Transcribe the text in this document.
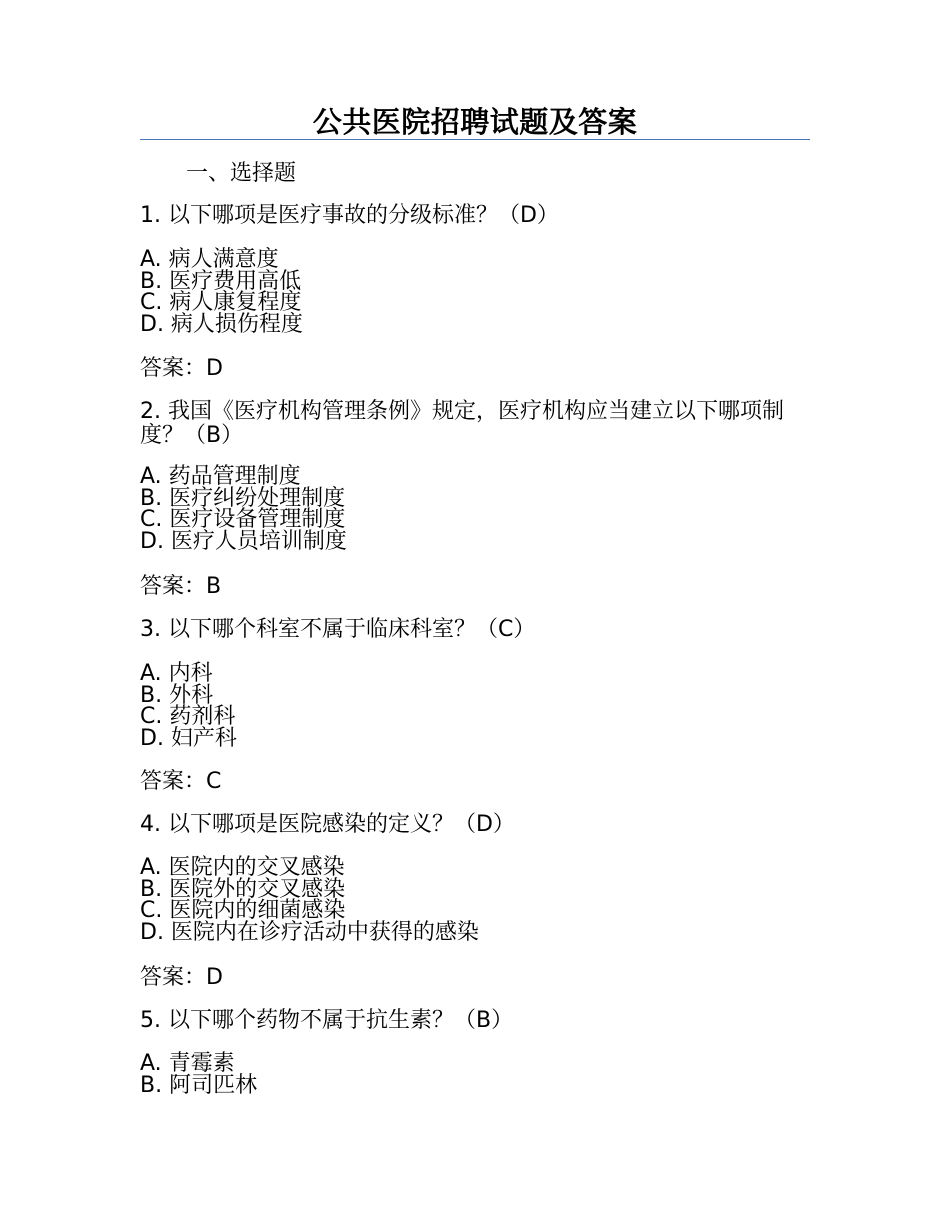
公共医院招聘试题及答案
一、选择题
1. 以下哪项是医疗事故的分级标准？（D）
A. 病人满意度
B. 医疗费用高低
C. 病人康复程度
D. 病人损伤程度
答案：D
2. 我国《医疗机构管理条例》规定，医疗机构应当建立以下哪项制度？（B）
A. 药品管理制度
B. 医疗纠纷处理制度
C. 医疗设备管理制度
D. 医疗人员培训制度
答案：B
3. 以下哪个科室不属于临床科室？（C）
A. 内科
B. 外科
C. 药剂科
D. 妇产科
答案：C
4. 以下哪项是医院感染的定义？（D）
A. 医院内的交叉感染
B. 医院外的交叉感染
C. 医院内的细菌感染
D. 医院内在诊疗活动中获得的感染
答案：D
5. 以下哪个药物不属于抗生素？（B）
A. 青霉素
B. 阿司匹林
